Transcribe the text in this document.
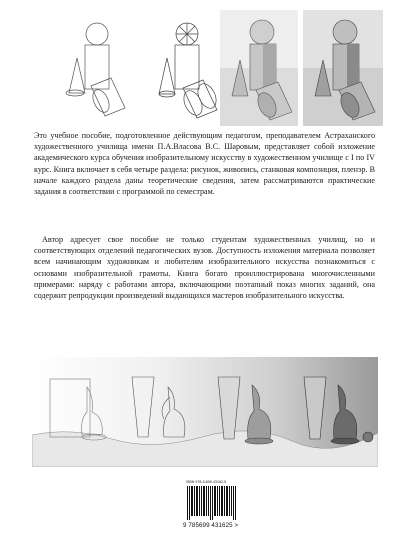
Это учебное пособие, подготовленное действующим педагогом, преподавателем Астраханского художественного училища имени П.А.Власова В.С. Шаровым, представляет собой изложение академического курса обучения изобразительному искусству в художественном училище с I по IV курс. Книга включает в себя четыре раздела: рисунок, живопись, станковая композиция, пленэр. В начале каждого раздела даны теоретические сведения, затем рассматриваются практические задания в соответствии с программой по семестрам.

Автор адресует свое пособие не только студентам художественных училищ, но и соответствующих отделений педагогических вузов. Доступность изложения материала позволяет всем начинающим художникам и любителям изобразительного искусства познакомиться с основами изобразительной грамоты. Книга богато проиллюстрирована многочисленными примерами: наряду с работами автора, включающими поэтапный показ многих заданий, она содержит репродукции произведений выдающихся мастеров изобразительного искусства.

ISBN 978-5-699-43162-5
9 785699 431625 >
